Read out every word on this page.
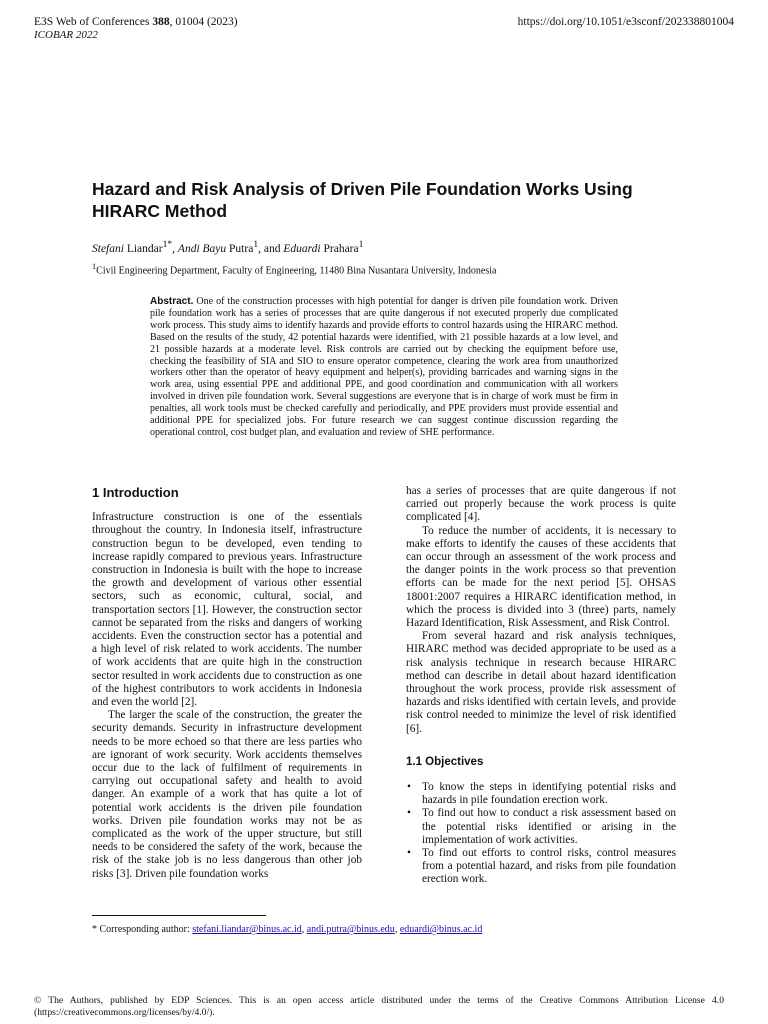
E3S Web of Conferences 388, 01004 (2023)	https://doi.org/10.1051/e3sconf/202338801004
ICOBAR 2022
Hazard and Risk Analysis of Driven Pile Foundation Works Using HIRARC Method
Stefani Liandar$^{1*}$, Andi Bayu Putra$^1$, and Eduardi Prahara$^1$
$^1$Civil Engineering Department, Faculty of Engineering, 11480 Bina Nusantara University, Indonesia

Abstract. One of the construction processes with high potential for danger is driven pile foundation work. Driven pile foundation work has a series of processes that are quite dangerous if not executed properly due complicated work process. This study aims to identify hazards and provide efforts to control hazards using the HIRARC method. Based on the results of the study, 42 potential hazards were identified, with 21 possible hazards at a low level, and 21 possible hazards at a moderate level. Risk controls are carried out by checking the equipment before use, checking the feasibility of SIA and SIO to ensure operator competence, clearing the work area from unauthorized workers other than the operator of heavy equipment and helper(s), providing barricades and warning signs in the work area, using essential PPE and additional PPE, and good coordination and communication with all workers involved in driven pile foundation work. Several suggestions are everyone that is in charge of work must be firm in penalties, all work tools must be checked carefully and periodically, and PPE providers must provide essential and additional PPE for specialized jobs. For future research we can suggest continue discussion regarding the operational control, cost budget plan, and evaluation and review of SHE performance.

1 Introduction

Infrastructure construction is one of the essentials throughout the country. In Indonesia itself, infrastructure construction begun to be developed, even tending to increase rapidly compared to previous years. Infrastructure construction in Indonesia is built with the hope to increase the growth and development of various other essential sectors, such as economic, cultural, social, and transportation sectors [1]. However, the construction sector cannot be separated from the risks and dangers of working accidents. Even the construction sector has a potential and a high level of risk related to work accidents. The number of work accidents that are quite high in the construction sector resulted in work accidents due to construction as one of the highest contributors to work accidents in Indonesia and even the world [2].

The larger the scale of the construction, the greater the security demands. Security in infrastructure development needs to be more echoed so that there are less parties who are ignorant of work security. Work accidents themselves occur due to the lack of fulfilment of requirements in carrying out occupational safety and health to avoid danger. An example of a work that has quite a lot of potential work accidents is the driven pile foundation works. Driven pile foundation works may not be as complicated as the work of the upper structure, but still needs to be considered the safety of the work, because the risk of the stake job is no less dangerous than other job risks [3]. Driven pile foundation works

has a series of processes that are quite dangerous if not carried out properly because the work process is quite complicated [4].

To reduce the number of accidents, it is necessary to make efforts to identify the causes of these accidents that can occur through an assessment of the work process and the danger points in the work process so that prevention efforts can be made for the next period [5]. OHSAS 18001:2007 requires a HIRARC identification method, in which the process is divided into 3 (three) parts, namely Hazard Identification, Risk Assessment, and Risk Control.

From several hazard and risk analysis techniques, HIRARC method was decided appropriate to be used as a risk analysis technique in research because HIRARC method can describe in detail about hazard identification throughout the work process, provide risk assessment of hazards and risks identified with certain levels, and provide risk control needed to minimize the level of risk identified [6].

1.1 Objectives
• To know the steps in identifying potential risks and hazards in pile foundation erection work.
• To find out how to conduct a risk assessment based on the potential risks identified or arising in the implementation of work activities.
• To find out efforts to control risks, control measures from a potential hazard, and risks from pile foundation erection work.
* Corresponding author: stefani.liandar@binus.ac.id, andi.putra@binus.edu, eduardi@binus.ac.id
© The Authors, published by EDP Sciences. This is an open access article distributed under the terms of the Creative Commons Attribution License 4.0 (https://creativecommons.org/licenses/by/4.0/).
